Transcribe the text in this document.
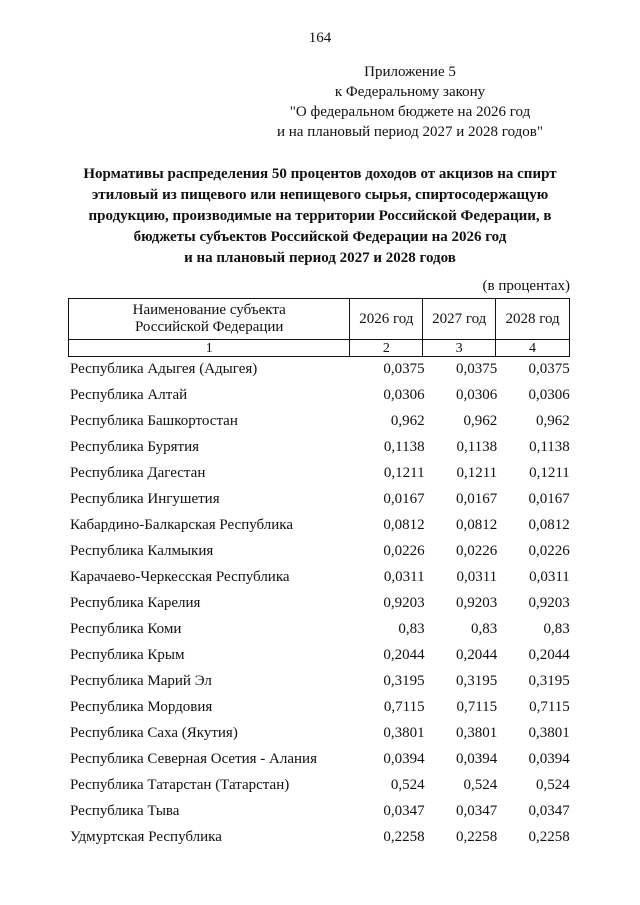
164
Приложение 5
к Федеральному закону
"О федеральном бюджете на 2026 год
и на плановый период 2027 и 2028 годов"
Нормативы распределения 50 процентов доходов от акцизов на спирт
этиловый из пищевого или непищевого сырья, спиртосодержащую
продукцию, производимые на территории Российской Федерации, в
бюджеты субъектов Российской Федерации на 2026 год
и на плановый период 2027 и 2028 годов
(в процентах)
Наименование субъекта
Российской Федерации	2026 год	2027 год	2028 год
1	2	3	4
Республика Адыгея (Адыгея)	0,0375	0,0375	0,0375
Республика Алтай	0,0306	0,0306	0,0306
Республика Башкортостан	0,962	0,962	0,962
Республика Бурятия	0,1138	0,1138	0,1138
Республика Дагестан	0,1211	0,1211	0,1211
Республика Ингушетия	0,0167	0,0167	0,0167
Кабардино-Балкарская Республика	0,0812	0,0812	0,0812
Республика Калмыкия	0,0226	0,0226	0,0226
Карачаево-Черкесская Республика	0,0311	0,0311	0,0311
Республика Карелия	0,9203	0,9203	0,9203
Республика Коми	0,83	0,83	0,83
Республика Крым	0,2044	0,2044	0,2044
Республика Марий Эл	0,3195	0,3195	0,3195
Республика Мордовия	0,7115	0,7115	0,7115
Республика Саха (Якутия)	0,3801	0,3801	0,3801
Республика Северная Осетия - Алания	0,0394	0,0394	0,0394
Республика Татарстан (Татарстан)	0,524	0,524	0,524
Республика Тыва	0,0347	0,0347	0,0347
Удмуртская Республика	0,2258	0,2258	0,2258
